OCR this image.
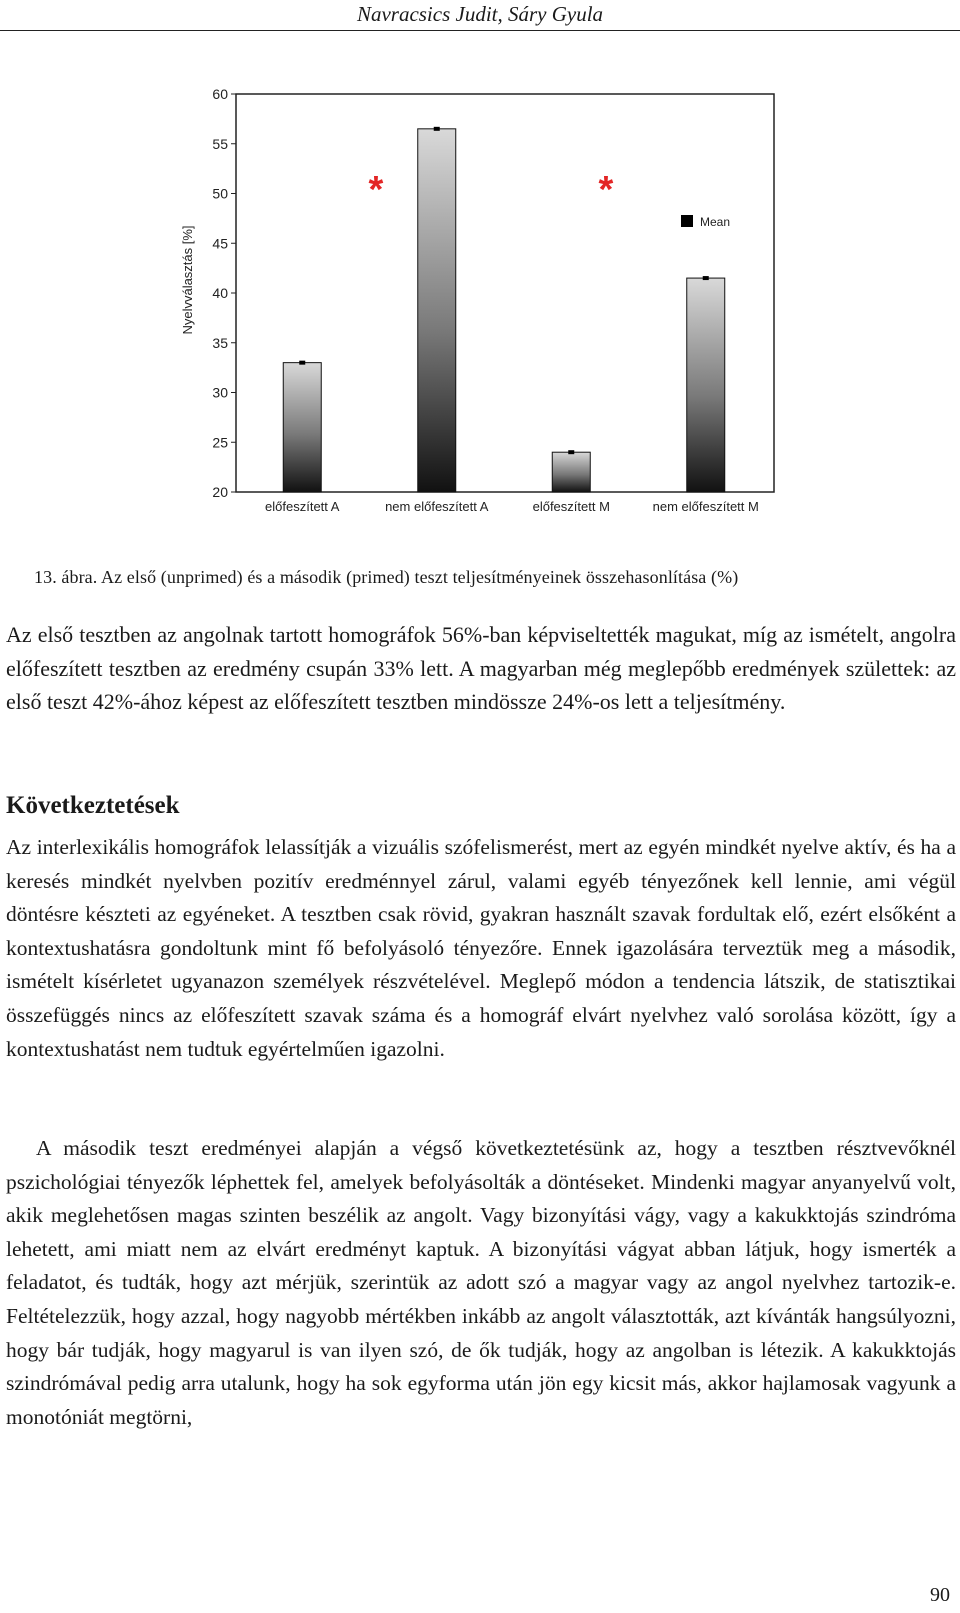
Navracsics Judit, Sáry Gyula
Nyelvválasztás [%]
20
25
30
35
40
45
50
55
60
előfeszített A	nem előfeszített A	előfeszített M	nem előfeszített M
Mean
*	*
13. ábra. Az első (unprimed) és a második (primed) teszt teljesítményeinek összehasonlítása (%)

Az első tesztben az angolnak tartott homográfok 56%-ban képviseltették magukat, míg az ismételt, angolra előfeszített tesztben az eredmény csupán 33% lett. A magyarban még meglepőbb eredmények születtek: az első teszt 42%-ához képest az előfeszített tesztben mindössze 24%-os lett a teljesítmény.

Következtetések

Az interlexikális homográfok lelassítják a vizuális szófelismerést, mert az egyén mindkét nyelve aktív, és ha a keresés mindkét nyelvben pozitív eredménnyel zárul, valami egyéb tényezőnek kell lennie, ami végül döntésre készteti az egyéneket. A tesztben csak rövid, gyakran használt szavak fordultak elő, ezért elsőként a kontextushatásra gondoltunk mint fő befolyásoló tényezőre. Ennek igazolására terveztük meg a második, ismételt kísérletet ugyanazon személyek részvételével. Meglepő módon a tendencia látszik, de statisztikai összefüggés nincs az előfeszített szavak száma és a homográf elvárt nyelvhez való sorolása között, így a kontextushatást nem tudtuk egyértelműen igazolni.

A második teszt eredményei alapján a végső következtetésünk az, hogy a tesztben résztvevőknél pszichológiai tényezők léphettek fel, amelyek befolyásolták a döntéseket. Mindenki magyar anyanyelvű volt, akik meglehetősen magas szinten beszélik az angolt. Vagy bizonyítási vágy, vagy a kakukktojás szindróma lehetett, ami miatt nem az elvárt eredményt kaptuk. A bizonyítási vágyat abban látjuk, hogy ismerték a feladatot, és tudták, hogy azt mérjük, szerintük az adott szó a magyar vagy az angol nyelvhez tartozik-e. Feltételezzük, hogy azzal, hogy nagyobb mértékben inkább az angolt választották, azt kívánták hangsúlyozni, hogy bár tudják, hogy magyarul is van ilyen szó, de ők tudják, hogy az angolban is létezik. A kakukktojás szindrómával pedig arra utalunk, hogy ha sok egyforma után jön egy kicsit más, akkor hajlamosak vagyunk a monotóniát megtörni,

90
